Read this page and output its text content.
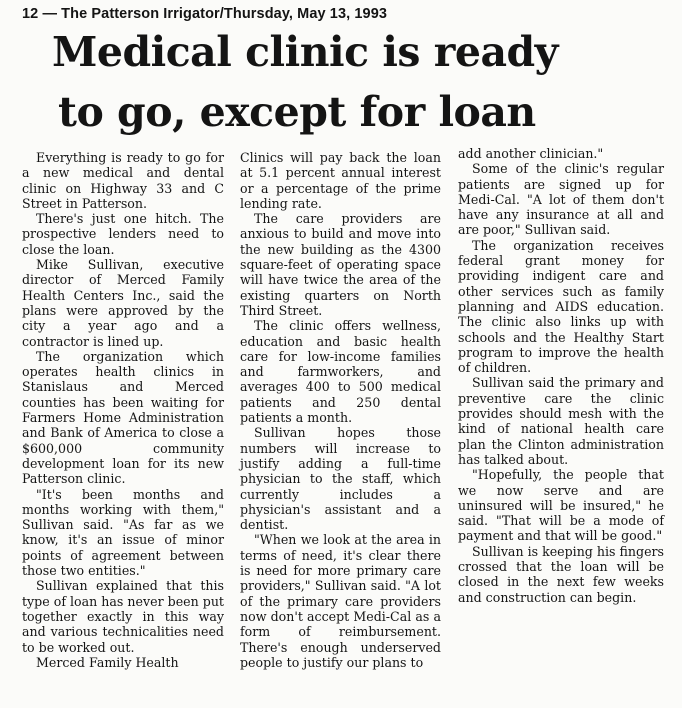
12 — The Patterson Irrigator/Thursday, May 13, 1993
Medical clinic is ready
to go, except for loan

Everything is ready to go for a new medical and dental clinic on Highway 33 and C Street in Patterson.

There's just one hitch. The prospective lenders need to close the loan.

Mike Sullivan, executive director of Merced Family Health Centers Inc., said the plans were approved by the city a year ago and a contractor is lined up.

The organization which operates health clinics in Stanislaus and Merced counties has been waiting for Farmers Home Administration and Bank of America to close a $600,000 community development loan for its new Patterson clinic.

"It's been months and months working with them," Sullivan said. "As far as we know, it's an issue of minor points of agreement between those two entities."

Sullivan explained that this type of loan has never been put together exactly in this way and various technicalities need to be worked out.

Merced Family Health

Clinics will pay back the loan at 5.1 percent annual interest or a percentage of the prime lending rate.

The care providers are anxious to build and move into the new building as the 4300 square-feet of operating space will have twice the area of the existing quarters on North Third Street.

The clinic offers wellness, education and basic health care for low-income families and farmworkers, and averages 400 to 500 medical patients and 250 dental patients a month.

Sullivan hopes those numbers will increase to justify adding a full-time physician to the staff, which currently includes a physician's assistant and a dentist.

"When we look at the area in terms of need, it's clear there is need for more primary care providers," Sullivan said. "A lot of the primary care providers now don't accept Medi-Cal as a form of reimbursement. There's enough underserved people to justify our plans to

add another clinician."

Some of the clinic's regular patients are signed up for Medi-Cal. "A lot of them don't have any insurance at all and are poor," Sullivan said.

The organization receives federal grant money for providing indigent care and other services such as family planning and AIDS education. The clinic also links up with schools and the Healthy Start program to improve the health of children.

Sullivan said the primary and preventive care the clinic provides should mesh with the kind of national health care plan the Clinton administration has talked about.

"Hopefully, the people that we now serve and are uninsured will be insured," he said. "That will be a mode of payment and that will be good."

Sullivan is keeping his fingers crossed that the loan will be closed in the next few weeks and construction can begin.
